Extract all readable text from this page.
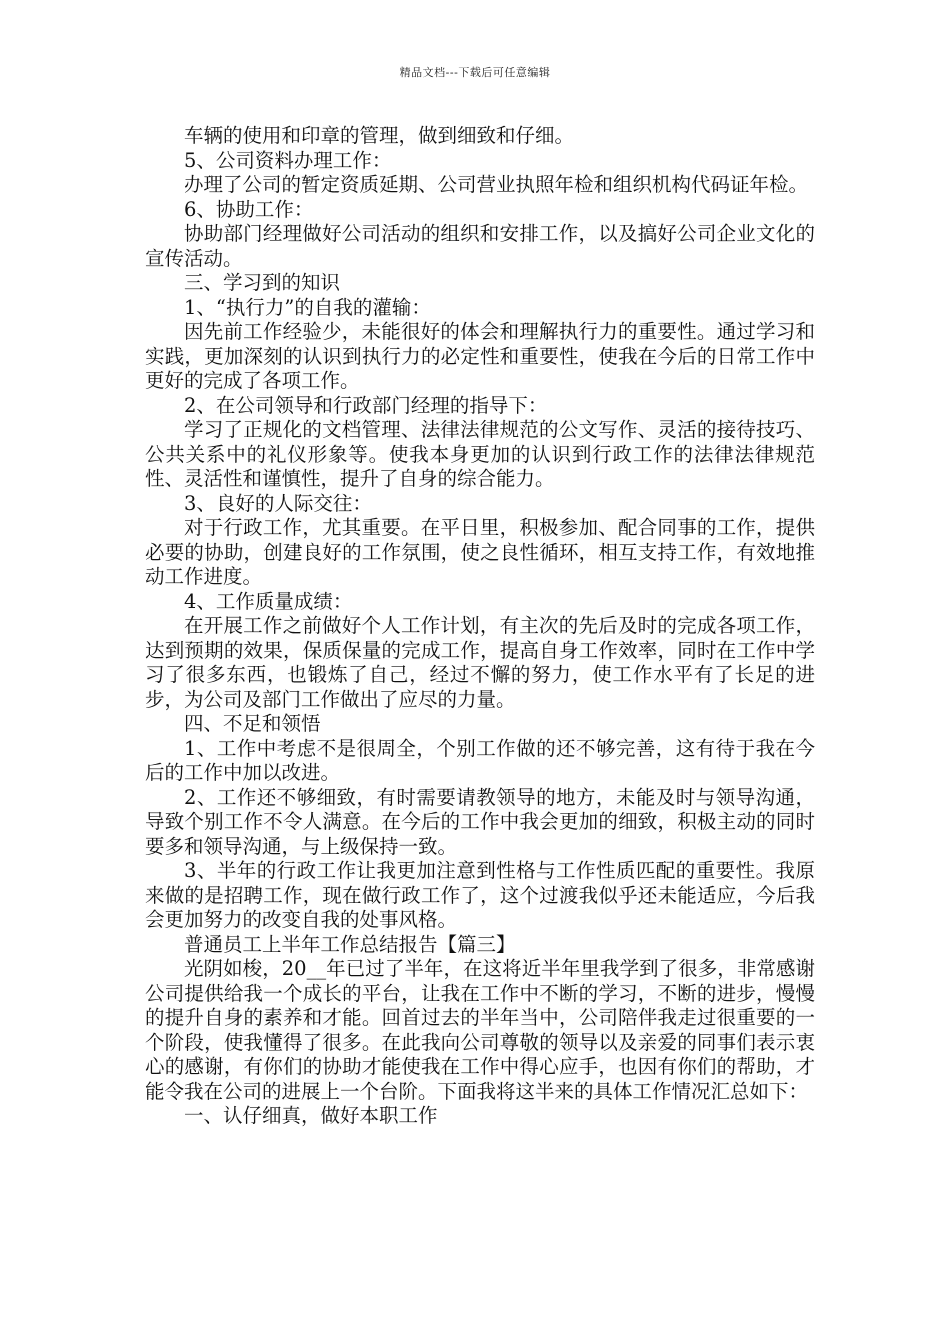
精品文档---下载后可任意编辑

车辆的使用和印章的管理，做到细致和仔细。

5、公司资料办理工作：

办理了公司的暂定资质延期、公司营业执照年检和组织机构代码证年检。

6、协助工作：

协助部门经理做好公司活动的组织和安排工作，以及搞好公司企业文化的宣传活动。

三、学习到的知识

1、“执行力”的自我的灌输：

因先前工作经验少，未能很好的体会和理解执行力的重要性。通过学习和实践，更加深刻的认识到执行力的必定性和重要性，使我在今后的日常工作中更好的完成了各项工作。

2、在公司领导和行政部门经理的指导下：

学习了正规化的文档管理、法律法律规范的公文写作、灵活的接待技巧、公共关系中的礼仪形象等。使我本身更加的认识到行政工作的法律法律规范性、灵活性和谨慎性，提升了自身的综合能力。

3、良好的人际交往：

对于行政工作，尤其重要。在平日里，积极参加、配合同事的工作，提供必要的协助，创建良好的工作氛围，使之良性循环，相互支持工作，有效地推动工作进度。

4、工作质量成绩：

在开展工作之前做好个人工作计划，有主次的先后及时的完成各项工作，达到预期的效果，保质保量的完成工作，提高自身工作效率，同时在工作中学习了很多东西，也锻炼了自己，经过不懈的努力，使工作水平有了长足的进步，为公司及部门工作做出了应尽的力量。

四、不足和领悟

1、工作中考虑不是很周全，个别工作做的还不够完善，这有待于我在今后的工作中加以改进。

2、工作还不够细致，有时需要请教领导的地方，未能及时与领导沟通，导致个别工作不令人满意。在今后的工作中我会更加的细致，积极主动的同时要多和领导沟通，与上级保持一致。

3、半年的行政工作让我更加注意到性格与工作性质匹配的重要性。我原来做的是招聘工作，现在做行政工作了，这个过渡我似乎还未能适应，今后我会更加努力的改变自我的处事风格。

普通员工上半年工作总结报告【篇三】

光阴如梭，20__年已过了半年，在这将近半年里我学到了很多，非常感谢公司提供给我一个成长的平台，让我在工作中不断的学习，不断的进步，慢慢的提升自身的素养和才能。回首过去的半年当中，公司陪伴我走过很重要的一个阶段，使我懂得了很多。在此我向公司尊敬的领导以及亲爱的同事们表示衷心的感谢，有你们的协助才能使我在工作中得心应手，也因有你们的帮助，才能令我在公司的进展上一个台阶。下面我将这半来的具体工作情况汇总如下：

一、认仔细真，做好本职工作
